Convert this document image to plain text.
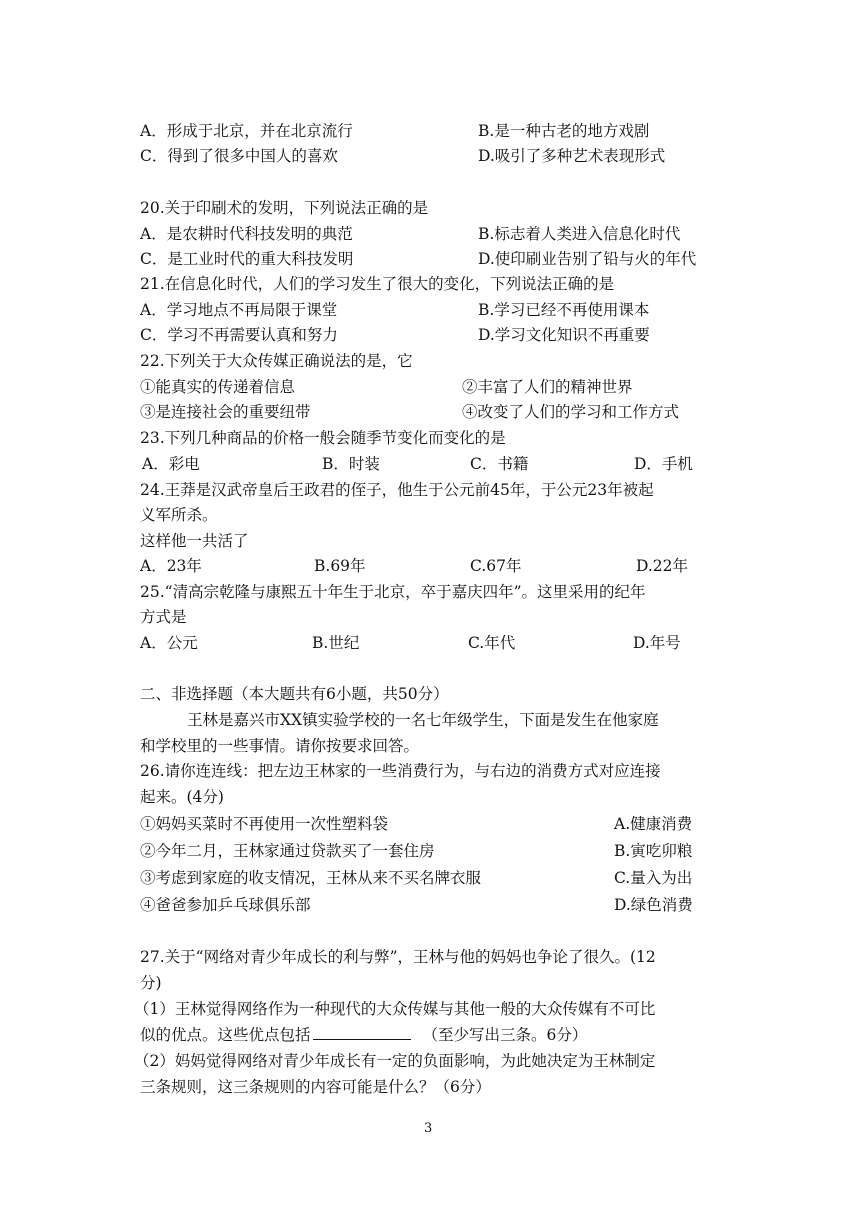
A．形成于北京，并在北京流行	B.是一种古老的地方戏剧
C．得到了很多中国人的喜欢	D.吸引了多种艺术表现形式
20.关于印刷术的发明，下列说法正确的是
A．是农耕时代科技发明的典范	B.标志着人类进入信息化时代
C．是工业时代的重大科技发明	D.使印刷业告别了铅与火的年代
21.在信息化时代，人们的学习发生了很大的变化，下列说法正确的是
A．学习地点不再局限于课堂	B.学习已经不再使用课本
C．学习不再需要认真和努力	D.学习文化知识不再重要
22.下列关于大众传媒正确说法的是，它
①能真实的传递着信息	②丰富了人们的精神世界
③是连接社会的重要纽带	④改变了人们的学习和工作方式
23.下列几种商品的价格一般会随季节变化而变化的是
A．彩电	B．时装	C．书籍	D．手机
24.王莽是汉武帝皇后王政君的侄子，他生于公元前45年，于公元23年被起
义军所杀。
这样他一共活了
A．23年	B.69年	C.67年	D.22年
25.“清高宗乾隆与康熙五十年生于北京，卒于嘉庆四年”。这里采用的纪年
方式是
A．公元	B.世纪	C.年代	D.年号
二、非选择题（本大题共有6小题，共50分）
王林是嘉兴市XX镇实验学校的一名七年级学生，下面是发生在他家庭
和学校里的一些事情。请你按要求回答。
26.请你连连线：把左边王林家的一些消费行为，与右边的消费方式对应连接
起来。(4分)
①妈妈买菜时不再使用一次性塑料袋	A.健康消费
②今年二月，王林家通过贷款买了一套住房	B.寅吃卯粮
③考虑到家庭的收支情况，王林从来不买名牌衣服	C.量入为出
④爸爸参加乒乓球俱乐部	D.绿色消费
27.关于“网络对青少年成长的利与弊”，王林与他的妈妈也争论了很久。(12
分)
（1）王林觉得网络作为一种现代的大众传媒与其他一般的大众传媒有不可比
似的优点。这些优点包括	（至少写出三条。6分）
（2）妈妈觉得网络对青少年成长有一定的负面影响，为此她决定为王林制定
三条规则，这三条规则的内容可能是什么？（6分）
3
